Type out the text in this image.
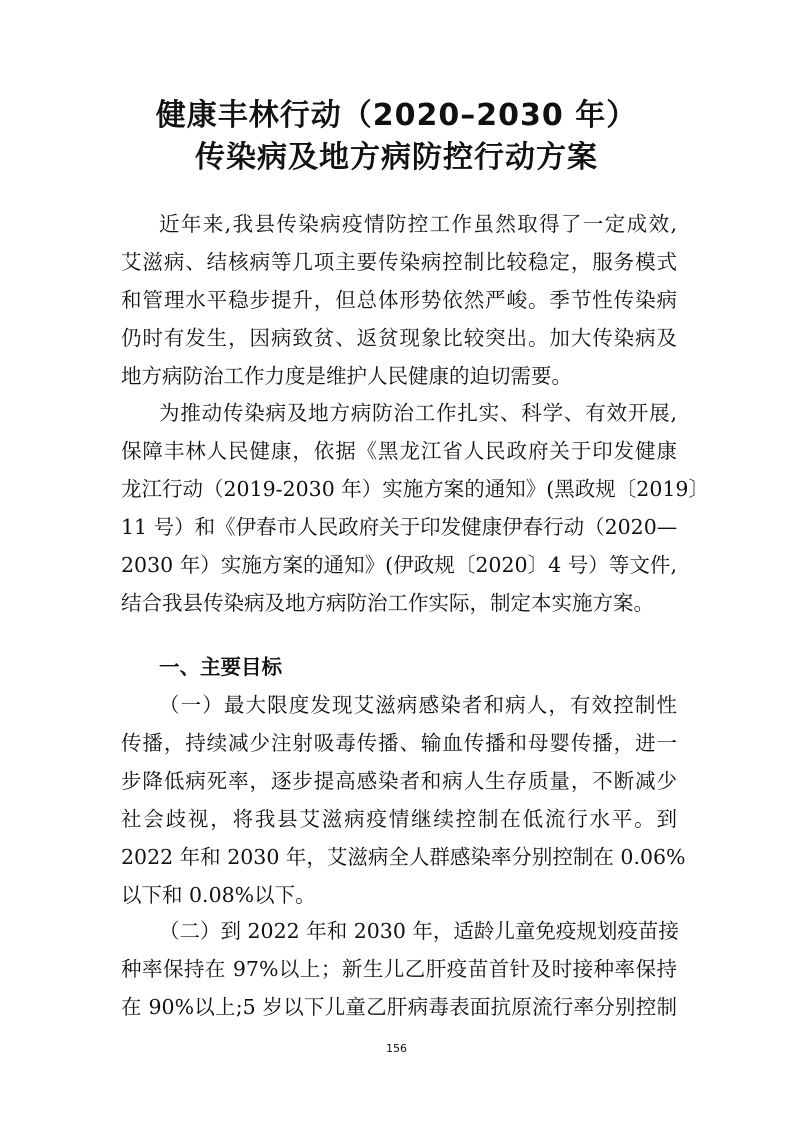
健康丰林行动（2020–2030 年）
传染病及地方病防控行动方案

近年来,我县传染病疫情防控工作虽然取得了一定成效,
艾滋病、结核病等几项主要传染病控制比较稳定，服务模式
和管理水平稳步提升，但总体形势依然严峻。季节性传染病
仍时有发生，因病致贫、返贫现象比较突出。加大传染病及
地方病防治工作力度是维护人民健康的迫切需要。

为推动传染病及地方病防治工作扎实、科学、有效开展,
保障丰林人民健康，依据《黑龙江省人民政府关于印发健康
龙江行动（2019-2030 年）实施方案的通知》(黑政规〔2019〕
11 号）和《伊春市人民政府关于印发健康伊春行动（2020—
2030 年）实施方案的通知》(伊政规〔2020〕4 号）等文件,
结合我县传染病及地方病防治工作实际，制定本实施方案。

一、主要目标

（一）最大限度发现艾滋病感染者和病人，有效控制性
传播，持续减少注射吸毒传播、输血传播和母婴传播，进一
步降低病死率，逐步提高感染者和病人生存质量，不断减少
社会歧视，将我县艾滋病疫情继续控制在低流行水平。到
2022 年和 2030 年，艾滋病全人群感染率分别控制在 0.06%
以下和 0.08%以下。

（二）到 2022 年和 2030 年，适龄儿童免疫规划疫苗接
种率保持在 97%以上；新生儿乙肝疫苗首针及时接种率保持
在 90%以上;5 岁以下儿童乙肝病毒表面抗原流行率分别控制

156
